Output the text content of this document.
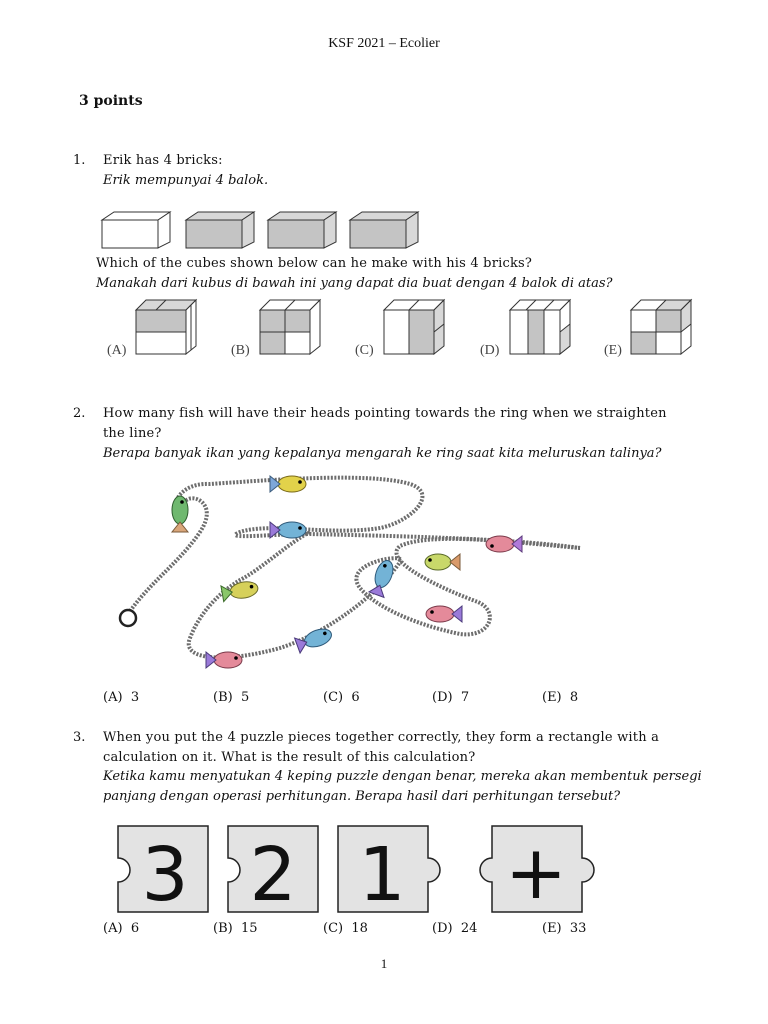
KSF 2021 – Ecolier
3 points
1. Erik has 4 bricks:
Erik mempunyai 4 balok.
Which of the cubes shown below can he make with his 4 bricks?
Manakah dari kubus di bawah ini yang dapat dia buat dengan 4 balok di atas?
(A)	(B)	(C)	(D)	(E)
2. How many fish will have their heads pointing towards the ring when we straighten
the line?
Berapa banyak ikan yang kepalanya mengarah ke ring saat kita meluruskan talinya?
(A) 3	(B) 5	(C) 6	(D) 7	(E) 8
3. When you put the 4 puzzle pieces together correctly, they form a rectangle with a
calculation on it. What is the result of this calculation?
Ketika kamu menyatukan 4 keping puzzle dengan benar, mereka akan membentuk persegi
panjang dengan operasi perhitungan. Berapa hasil dari perhitungan tersebut?
3 2 1 +
(A) 6	(B) 15	(C) 18	(D) 24	(E) 33
1
